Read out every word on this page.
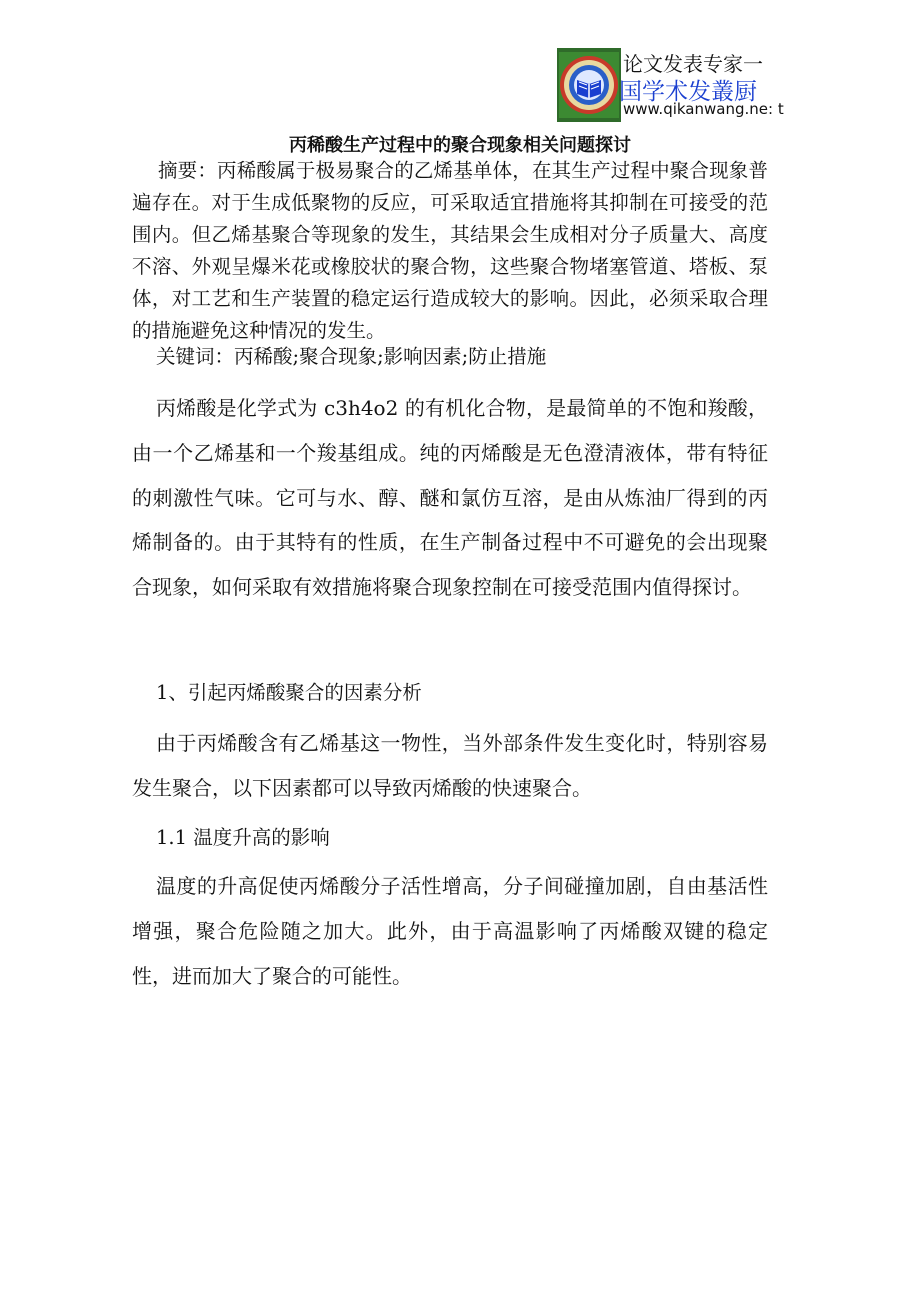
论文发表专家一
国学术发叢厨
www.qikanwang.ne: t
丙稀酸生产过程中的聚合现象相关问题探讨

摘要：丙稀酸属于极易聚合的乙烯基单体，在其生产过程中聚合现象普遍存在。对于生成低聚物的反应，可采取适宜措施将其抑制在可接受的范围内。但乙烯基聚合等现象的发生，其结果会生成相对分子质量大、高度不溶、外观呈爆米花或橡胶状的聚合物，这些聚合物堵塞管道、塔板、泵体，对工艺和生产装置的稳定运行造成较大的影响。因此，必须采取合理的措施避免这种情况的发生。

关键词：丙稀酸;聚合现象;影响因素;防止措施

丙烯酸是化学式为 c3h4o2 的有机化合物，是最简单的不饱和羧酸，由一个乙烯基和一个羧基组成。纯的丙烯酸是无色澄清液体，带有特征的刺激性气味。它可与水、醇、醚和氯仿互溶，是由从炼油厂得到的丙烯制备的。由于其特有的性质，在生产制备过程中不可避免的会出现聚合现象，如何采取有效措施将聚合现象控制在可接受范围内值得探讨。

1、引起丙烯酸聚合的因素分析

由于丙烯酸含有乙烯基这一物性，当外部条件发生变化时，特别容易发生聚合，以下因素都可以导致丙烯酸的快速聚合。

1.1 温度升高的影响

温度的升高促使丙烯酸分子活性增高，分子间碰撞加剧，自由基活性增强，聚合危险随之加大。此外，由于高温影响了丙烯酸双键的稳定性，进而加大了聚合的可能性。
